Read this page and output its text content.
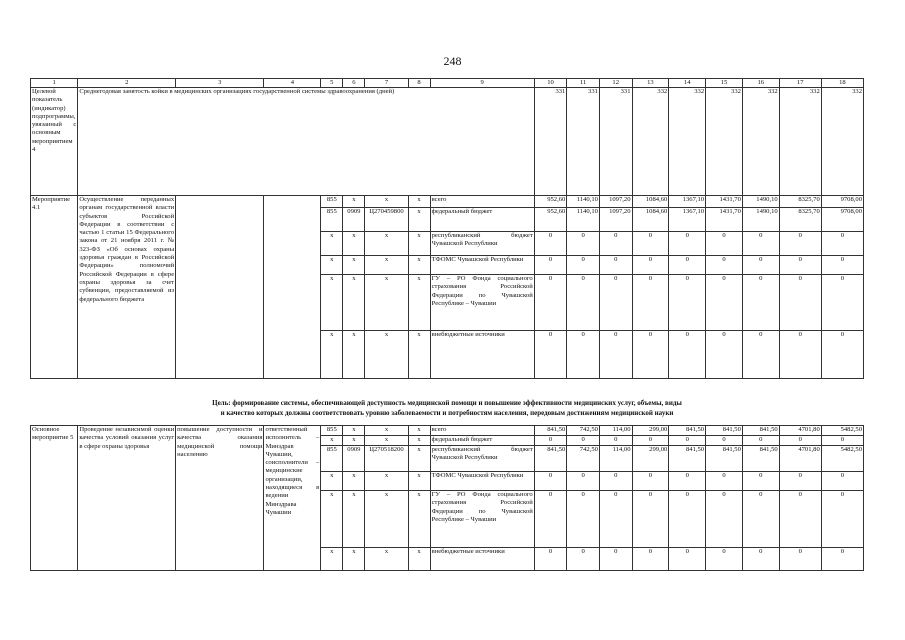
248
1	2	3	4	5	6	7	8	9	10	11	12	13	14	15	16	17	18
Целевой показатель (индикатор) подпрограммы, увязанный с основным мероприятием 4	Среднегодовая занятость койки в медицинских организациях государственной системы здравоохранения (дней)								331	331	331	332	332	332	332	332	332
Мероприятие 4.1	Осуществление переданных органам государственной власти субъектов Российской Федерации в соответствии с частью 1 статьи 15 Федерального закона от 21 ноября 2011 г. № 323-ФЗ «Об основах охраны здоровья граждан в Российской Федерации» полномочий Российской Федерации в сфере охраны здоровья за счет субвенции, предоставляемой из федерального бюджета			855	x	x	x	всего	952,60	1140,10	1097,20	1084,60	1367,10	1431,70	1490,10	8325,70	9708,00
				855	0909	Ц270459800	x	федеральный бюджет	952,60	1140,10	1097,20	1084,60	1367,10	1431,70	1490,10	8325,70	9708,00
				x	x	x	x	республиканский бюджет Чувашской Республики	0	0	0	0	0	0	0	0	0
				x	x	x	x	ТФОМС Чувашской Республики	0	0	0	0	0	0	0	0	0
				x	x	x	x	ГУ – РО Фонда социального страхования Российской Федерации по Чувашской Республике – Чувашии	0	0	0	0	0	0	0	0	0
				x	x	x	x	внебюджетные источники	0	0	0	0	0	0	0	0	0
Цель: формирование системы, обеспечивающей доступность медицинской помощи и повышение эффективности медицинских услуг, объемы, виды
и качество которых должны соответствовать уровню заболеваемости и потребностям населения, передовым достижениям медицинской науки
Основное мероприятие 5	Проведение независимой оценки качества условий оказания услуг в сфере охраны здоровья	повышение доступности и качества оказания медицинской помощи населению	ответственный исполнитель – Минздрав Чувашии, соисполнители – медицинские организации, находящиеся в ведении Минздрава Чувашии	855	x	x	x	всего	841,50	742,50	114,00	299,00	841,50	841,50	841,50	4701,80	5482,50
				x	x	x	x	федеральный бюджет	0	0	0	0	0	0	0	0	0
				855	0909	Ц270518200	x	республиканский бюджет Чувашской Республики	841,50	742,50	114,00	299,00	841,50	841,50	841,50	4701,80	5482,50
				x	x	x	x	ТФОМС Чувашской Республики	0	0	0	0	0	0	0	0	0
				x	x	x	x	ГУ – РО Фонда социального страхования Российской Федерации по Чувашской Республике – Чувашии	0	0	0	0	0	0	0	0	0
				x	x	x	x	внебюджетные источники	0	0	0	0	0	0	0	0	0
